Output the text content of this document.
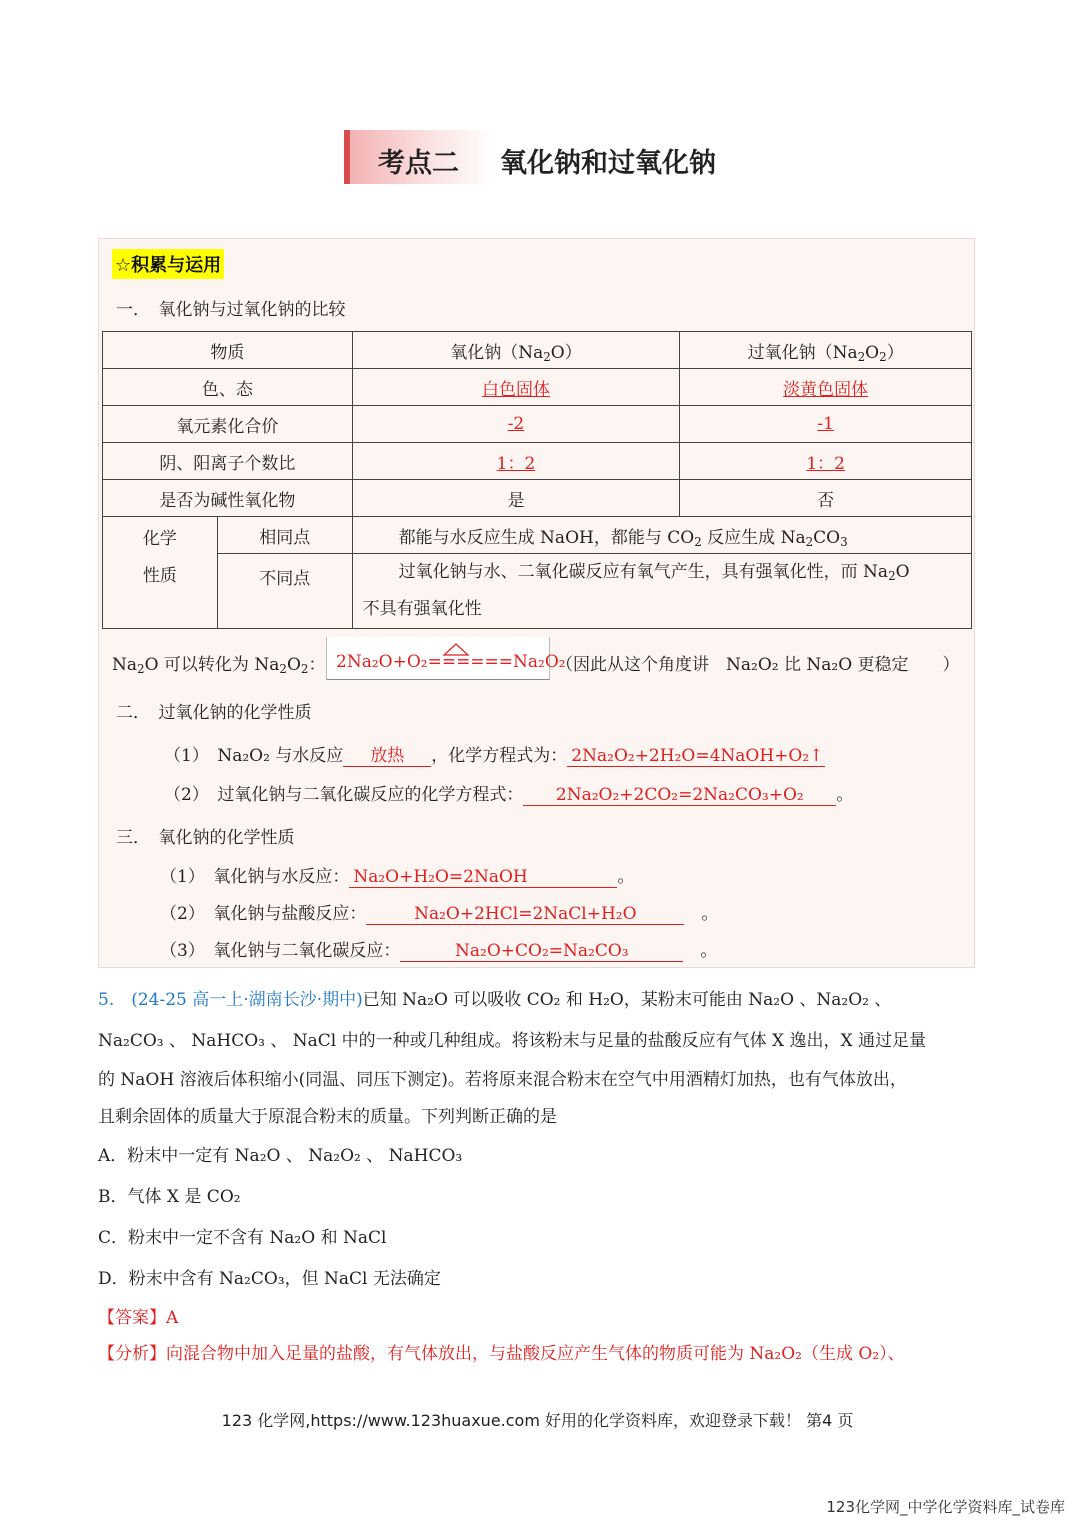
考点二 氧化钠和过氧化钠
☆积累与运用
一．　氧化钠与过氧化钠的比较
物质		氧化钠$(Na_2O)$	过氧化钠$(Na_2O_2)$
色、态		白色固体	淡黄色固体
氧元素化合价		-2	-1
阴、阳离子个数比		1：2	1：2
是否为碱性氧化物		是	否

化学
性质	相同点	都能与水反应生成 NaOH，都能与 $CO_2$ 反应生成 $Na_2CO_3$
	不同点	过氧化钠与水、二氧化碳反应有氧气产生，具有强氧化性，而 $Na_2O$
不具有强氧化性	
$Na_2O$ 可以转化为 $Na_2O_2$： 2Na₂O+O₂======Na₂O₂
（因此从这个角度讲　Na₂O₂ 比 Na₂O 更稳定　　）
二．　过氧化钠的化学性质
（1）　Na₂O₂ 与水反应 放热 ，化学方程式为： 2Na₂O₂+2H₂O=4NaOH+O₂↑
（2）　过氧化钠与二氧化碳反应的化学方程式： 2Na₂O₂+2CO₂=2Na₂CO₃+O₂ 。
三．　氧化钠的化学性质
（1）　氧化钠与水反应： Na₂O+H₂O=2NaOH	。
（2）　氧化钠与盐酸反应：	Na₂O+2HCl=2NaCl+H₂O　	。
（3）　氧化钠与二氧化碳反应：	Na₂O+CO₂=Na₂CO₃　	。
5.　(24-25 高一上·湖南长沙·期中)已知 Na₂O 可以吸收 CO₂ 和 H₂O，某粉末可能由 Na₂O 、Na₂O₂ 、
Na₂CO₃ 、 NaHCO₃ 、 NaCl 中的一种或几种组成。将该粉末与足量的盐酸反应有气体 X 逸出，X 通过足量
的 NaOH 溶液后体积缩小(同温、同压下测定)。若将原来混合粉末在空气中用酒精灯加热，也有气体放出，
且剩余固体的质量大于原混合粉末的质量。下列判断正确的是
A．粉末中一定有 Na₂O 、 Na₂O₂ 、 NaHCO₃
B．气体 X 是 CO₂
C．粉末中一定不含有 Na₂O 和 NaCl
D．粉末中含有 Na₂CO₃，但 NaCl 无法确定
【答案】A
【分析】向混合物中加入足量的盐酸，有气体放出，与盐酸反应产生气体的物质可能为 Na₂O₂（生成 O₂）、
123 化学网,https://www.123huaxue.com 好用的化学资料库，欢迎登录下载！ 第4 页
123化学网_中学化学资料库_试卷库
